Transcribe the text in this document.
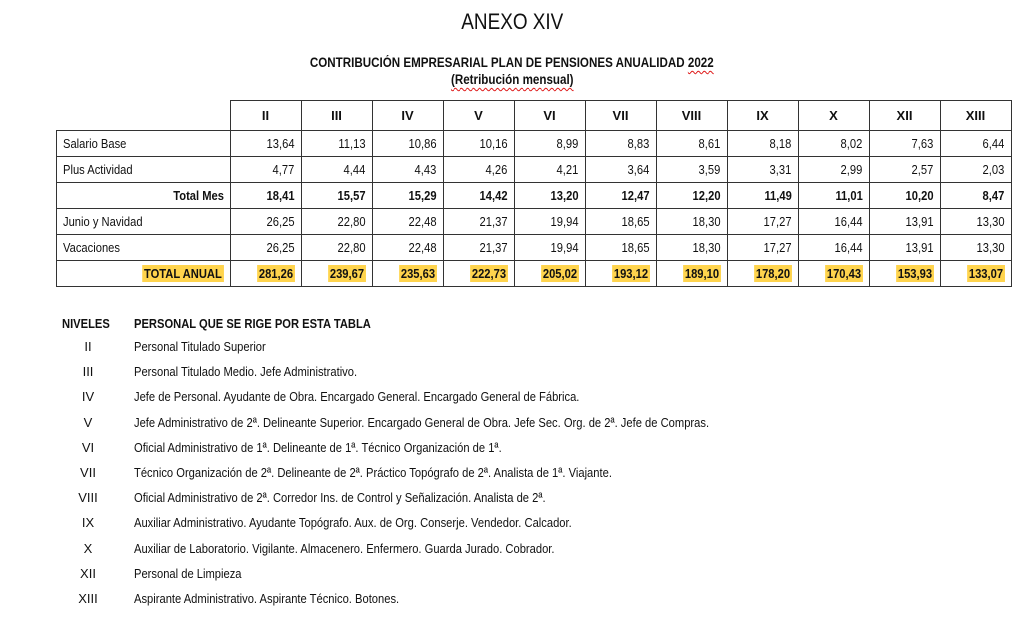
ANEXO XIV
CONTRIBUCIÓN EMPRESARIAL PLAN DE PENSIONES ANUALIDAD 2022
(Retribución mensual)
	II	III	IV	V	VI	VII	VIII	IX	X	XII	XIII
Salario Base	13,64	11,13	10,86	10,16	8,99	8,83	8,61	8,18	8,02	7,63	6,44
Plus Actividad	4,77	4,44	4,43	4,26	4,21	3,64	3,59	3,31	2,99	2,57	2,03
Total Mes	18,41	15,57	15,29	14,42	13,20	12,47	12,20	11,49	11,01	10,20	8,47
Junio y Navidad	26,25	22,80	22,48	21,37	19,94	18,65	18,30	17,27	16,44	13,91	13,30
Vacaciones	26,25	22,80	22,48	21,37	19,94	18,65	18,30	17,27	16,44	13,91	13,30
TOTAL ANUAL	281,26	239,67	235,63	222,73	205,02	193,12	189,10	178,20	170,43	153,93	133,07
NIVELES	PERSONAL QUE SE RIGE POR ESTA TABLA
II	Personal Titulado Superior
III	Personal Titulado Medio. Jefe Administrativo.
IV	Jefe de Personal. Ayudante de Obra. Encargado General. Encargado General de Fábrica.
V	Jefe Administrativo de 2ª. Delineante Superior. Encargado General de Obra. Jefe Sec. Org. de 2ª. Jefe de Compras.
VI	Oficial Administrativo de 1ª. Delineante de 1ª. Técnico Organización de 1ª.
VII	Técnico Organización de 2ª. Delineante de 2ª. Práctico Topógrafo de 2ª. Analista de 1ª. Viajante.
VIII	Oficial Administrativo de 2ª. Corredor Ins. de Control y Señalización. Analista de 2ª.
IX	Auxiliar Administrativo. Ayudante Topógrafo. Aux. de Org. Conserje. Vendedor. Calcador.
X	Auxiliar de Laboratorio. Vigilante. Almacenero. Enfermero. Guarda Jurado. Cobrador.
XII	Personal de Limpieza
XIII	Aspirante Administrativo. Aspirante Técnico. Botones.
